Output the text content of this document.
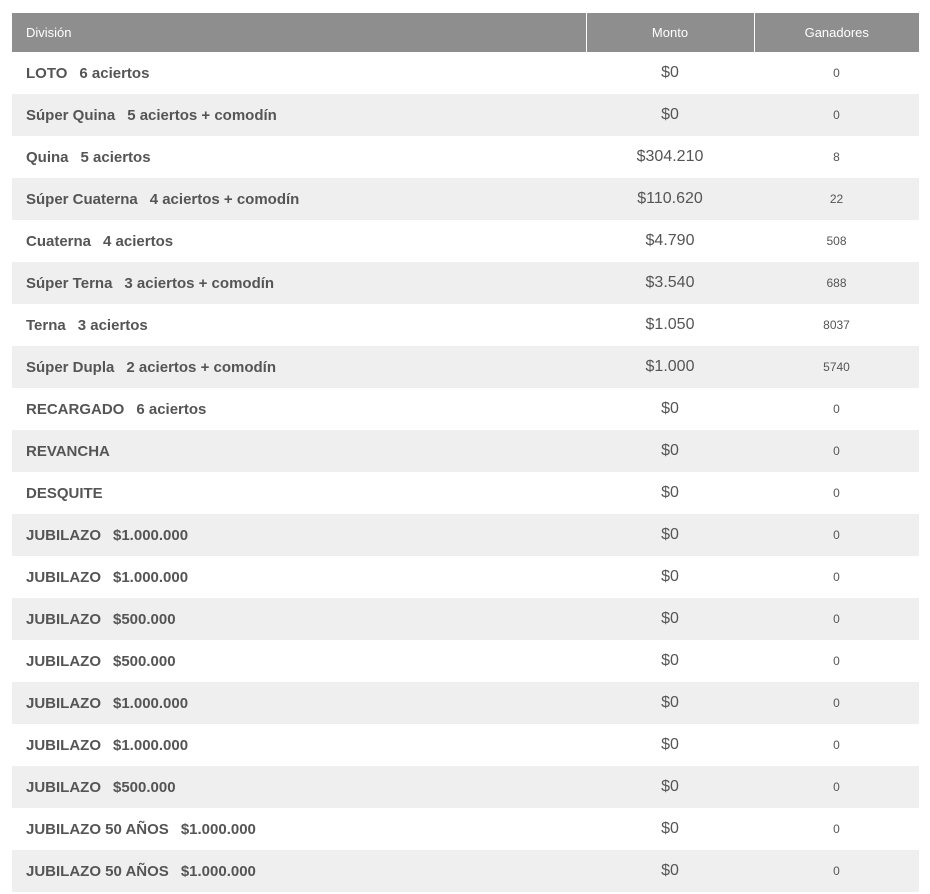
División	Monto	Ganadores
LOTO 6 aciertos	$0	0
Súper Quina 5 aciertos + comodín	$0	0
Quina 5 aciertos	$304.210	8
Súper Cuaterna 4 aciertos + comodín	$110.620	22
Cuaterna 4 aciertos	$4.790	508
Súper Terna 3 aciertos + comodín	$3.540	688
Terna 3 aciertos	$1.050	8037
Súper Dupla 2 aciertos + comodín	$1.000	5740
RECARGADO 6 aciertos	$0	0
REVANCHA	$0	0
DESQUITE	$0	0
JUBILAZO $1.000.000	$0	0
JUBILAZO $1.000.000	$0	0
JUBILAZO $500.000	$0	0
JUBILAZO $500.000	$0	0
JUBILAZO $1.000.000	$0	0
JUBILAZO $1.000.000	$0	0
JUBILAZO $500.000	$0	0
JUBILAZO 50 AÑOS $1.000.000	$0	0
JUBILAZO 50 AÑOS $1.000.000	$0	0
